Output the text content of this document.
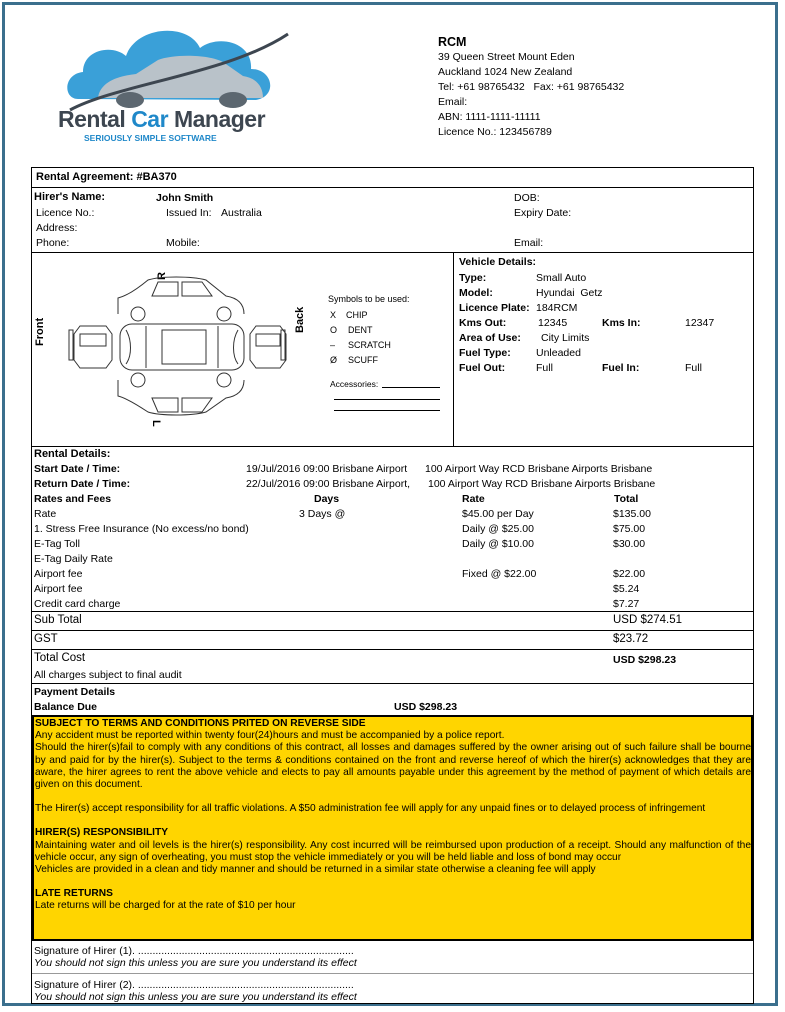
Rental Car Manager
SERIOUSLY SIMPLE SOFTWARE
RCM
39 Queen Street Mount Eden
Auckland 1024 New Zealand
Tel: +61 98765432   Fax: +61 98765432
Email:
ABN: 1111-1111-11111
Licence No.: 123456789
Rental Agreement: #BA370
Hirer's Name:	John Smith	DOB:
Licence No.:	Issued In: Australia	Expiry Date:
Address:
Phone:	Mobile:	Email:
Front	Back
R
L
Symbols to be used:
X CHIP
O DENT
– SCRATCH
Ø SCUFF
Accessories:
Vehicle Details:
Type:	Small Auto
Model:	Hyundai  Getz
Licence Plate: 184RCM
Kms Out:	12345	Kms In:	12347
Area of Use: City Limits
Fuel Type: Unleaded
Fuel Out:	Full	Fuel In:	Full
Rental Details:
Start Date / Time:	19/Jul/2016 09:00 Brisbane Airport 100 Airport Way RCD Brisbane Airports Brisbane
Return Date / Time:	22/Jul/2016 09:00 Brisbane Airport, 100 Airport Way RCD Brisbane Airports Brisbane
Rates and Fees	Days	Rate	Total
Rate	3 Days @	$45.00 per Day	$135.00
1. Stress Free Insurance (No excess/no bond)	Daily @ $25.00	$75.00
E-Tag Toll	Daily @ $10.00	$30.00
E-Tag Daily Rate
Airport fee	Fixed @ $22.00	$22.00
Airport fee	$5.24
Credit card charge	$7.27
Sub Total	USD $274.51
GST	$23.72
Total Cost	USD $298.23
All charges subject to final audit
Payment Details
Balance Due	USD $298.23

SUBJECT TO TERMS AND CONDITIONS PRITED ON REVERSE SIDE

Any accident must be reported within twenty four(24)hours and must be accompanied by a police report.

Should the hirer(s)fail to comply with any conditions of this contract, all losses and damages suffered by the owner arising out of such failure shall be bourne by and paid for by the hirer(s). Subject to the terms & conditions contained on the front and reverse hereof of which the hirer(s) acknowledges that they are aware, the hirer agrees to rent the above vehicle and elects to pay all amounts payable under this agreement by the method of payment of which details are given on this document.

The Hirer(s) accept responsibility for all traffic violations. A $50 administration fee will apply for any unpaid fines or to delayed process of infringement

HIRER(S) RESPONSIBILITY

Maintaining water and oil levels is the hirer(s) responsibility. Any cost incurred will be reimbursed upon production of a receipt. Should any malfunction of the vehicle occur, any sign of overheating, you must stop the vehicle immediately or you will be held liable and loss of bond may occur

Vehicles are provided in a clean and tidy manner and should be returned in a similar state otherwise a cleaning fee will apply

LATE RETURNS

Late returns will be charged for at the rate of $10 per hour

Signature of Hirer (1). ..........................................................................
You should not sign this unless you are sure you understand its effect
Signature of Hirer (2). ..........................................................................
You should not sign this unless you are sure you understand its effect
